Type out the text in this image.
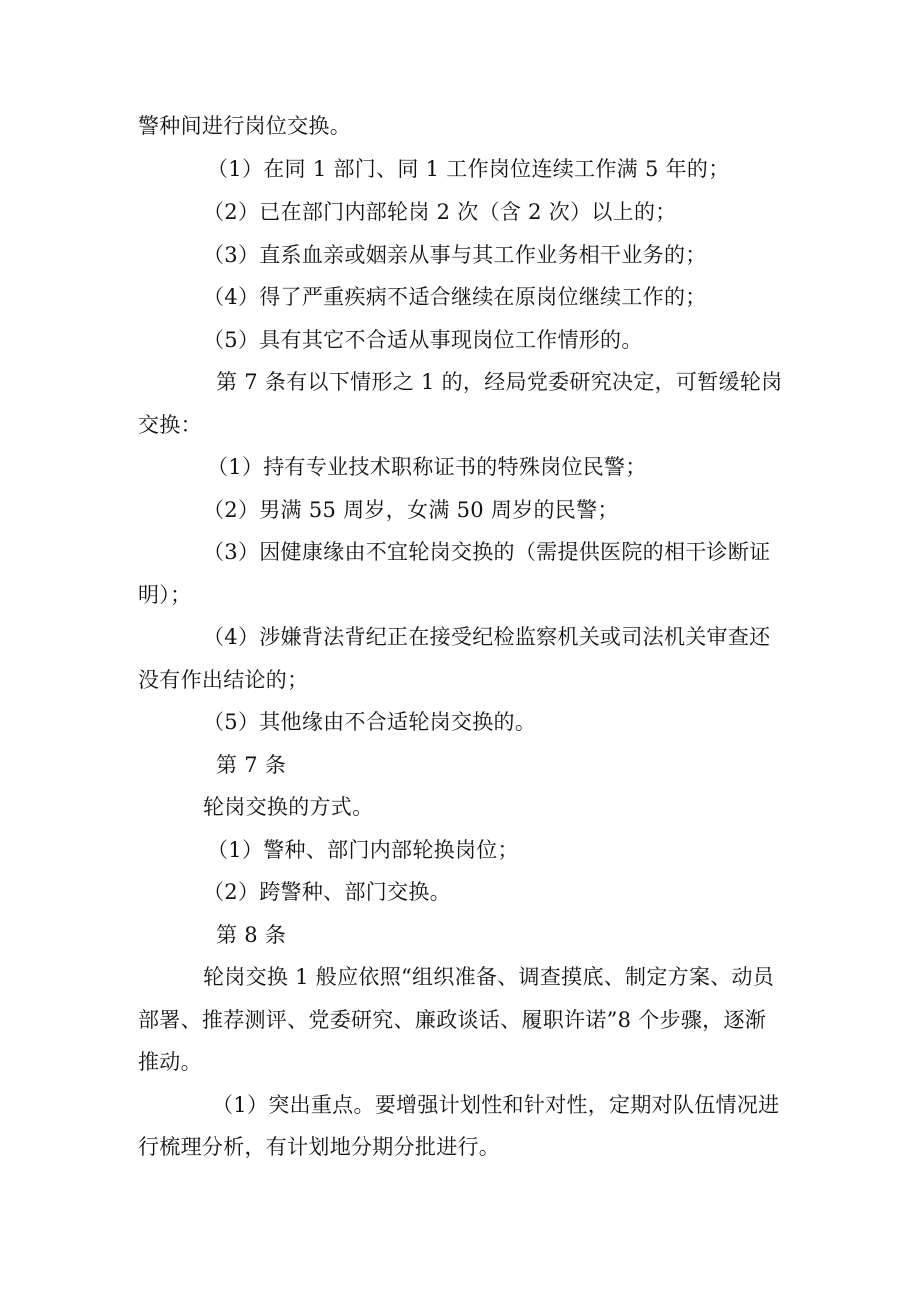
警种间进行岗位交换。
（1）在同 1 部门、同 1 工作岗位连续工作满 5 年的；
（2）已在部门内部轮岗 2 次（含 2 次）以上的；
（3）直系血亲或姻亲从事与其工作业务相干业务的；
（4）得了严重疾病不适合继续在原岗位继续工作的；
（5）具有其它不合适从事现岗位工作情形的。
第 7 条有以下情形之 1 的，经局党委研究决定，可暂缓轮岗
交换：
（1）持有专业技术职称证书的特殊岗位民警；
（2）男满 55 周岁，女满 50 周岁的民警；
（3）因健康缘由不宜轮岗交换的（需提供医院的相干诊断证
明）；
（4）涉嫌背法背纪正在接受纪检监察机关或司法机关审查还
没有作出结论的；
（5）其他缘由不合适轮岗交换的。
第 7 条
轮岗交换的方式。
（1）警种、部门内部轮换岗位；
（2）跨警种、部门交换。
第 8 条
轮岗交换 1 般应依照“组织准备、调查摸底、制定方案、动员
部署、推荐测评、党委研究、廉政谈话、履职许诺”8 个步骤，逐渐
推动。
（1）突出重点。要增强计划性和针对性，定期对队伍情况进
行梳理分析，有计划地分期分批进行。
